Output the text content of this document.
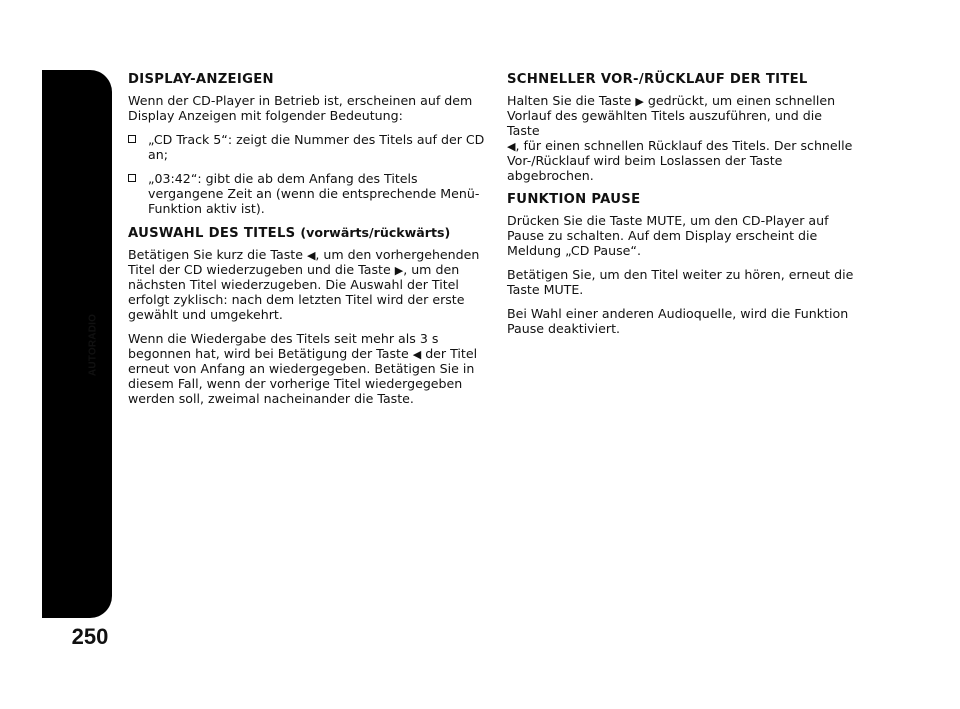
AUTORADIO
250
DISPLAY-ANZEIGEN

Wenn der CD-Player in Betrieb ist, erscheinen auf dem Display Anzeigen mit folgender Bedeutung:

„CD Track 5“: zeigt die Nummer des Titels auf der CD an;
„03:42“: gibt die ab dem Anfang des Titels vergangene Zeit an (wenn die entsprechende Menü-Funktion aktiv ist).
AUSWAHL DES TITELS (vorwärts/rückwärts)

Betätigen Sie kurz die Taste ◀, um den vorhergehenden Titel der CD wiederzugeben und die Taste ▶, um den nächsten Titel wiederzugeben. Die Auswahl der Titel erfolgt zyklisch: nach dem letzten Titel wird der erste gewählt und umgekehrt.

Wenn die Wiedergabe des Titels seit mehr als 3 s begonnen hat, wird bei Betätigung der Taste ◀ der Titel erneut von Anfang an wiedergegeben. Betätigen Sie in diesem Fall, wenn der vorherige Titel wiedergegeben werden soll, zweimal nacheinander die Taste.

SCHNELLER VOR-/RÜCKLAUF DER TITEL

Halten Sie die Taste ▶ gedrückt, um einen schnellen Vorlauf des gewählten Titels auszuführen, und die Taste
◀, für einen schnellen Rücklauf des Titels. Der schnelle Vor-/Rücklauf wird beim Loslassen der Taste abgebrochen.

FUNKTION PAUSE

Drücken Sie die Taste MUTE, um den CD-Player auf Pause zu schalten. Auf dem Display erscheint die Meldung „CD Pause“.

Betätigen Sie, um den Titel weiter zu hören, erneut die Taste MUTE.

Bei Wahl einer anderen Audioquelle, wird die Funktion Pause deaktiviert.
